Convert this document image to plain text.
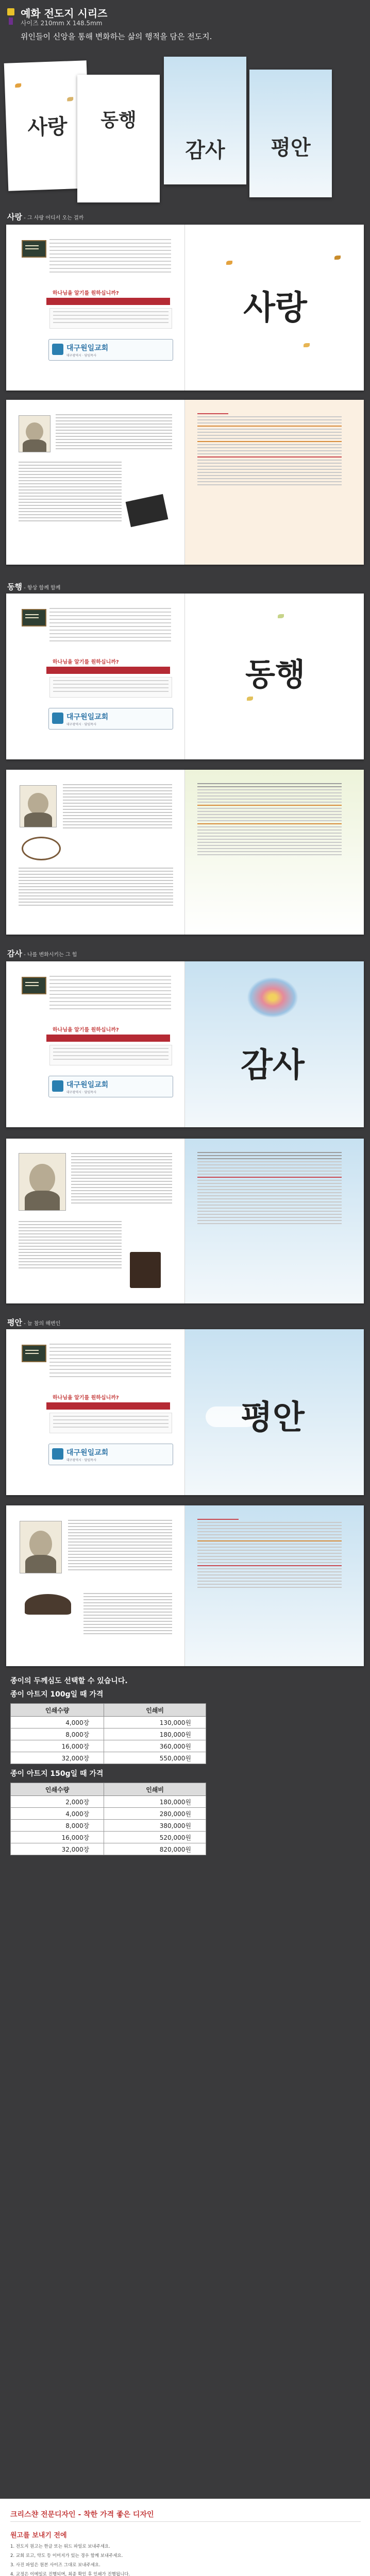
예화 전도지 시리즈
사이즈 210mm X 148.5mm
위인들이 신앙을 통해 변화하는 삶의 행적을 담은 전도지.
사랑	동행
감사	평안
사랑 - 그 사랑 어디서 오는 걸까
하나님을 알기를 원하십니까?
대구원일교회
대구광역시 · 담임목사
사랑
동행 - 항상 함께 함께
하나님을 알기를 원하십니까?
대구원일교회
대구광역시 · 담임목사
동행
감사 - 나를 변화시키는 그 힘
하나님을 알기를 원하십니까?
대구원일교회
대구광역시 · 담임목사
감사
평안 - 늘 참의 해변인
하나님을 알기를 원하십니까?
대구원일교회
대구광역시 · 담임목사
평안
종이의 두께심도 선택할 수 있습니다.
종이 아트지 100g일 때 가격
인쇄수량	인쇄비
4,000장	130,000원
8,000장	180,000원
16,000장	360,000원
32,000장	550,000원
종이 아트지 150g일 때 가격
인쇄수량	인쇄비
2,000장	180,000원
4,000장	280,000원
8,000장	380,000원
16,000장	520,000원
32,000장	820,000원
크리스챤 전문디자인 - 착한 가격 좋은 디자인
원고를 보내기 전에
1. 전도지 원고는 한글 또는 워드 파일로 보내주세요.
2. 교회 로고, 약도 등 이미지가 있는 경우 함께 보내주세요.
3. 사진 파일은 원본 사이즈 그대로 보내주세요.
4. 교정은 이메일로 진행되며, 최종 확인 후 인쇄가 진행됩니다.
